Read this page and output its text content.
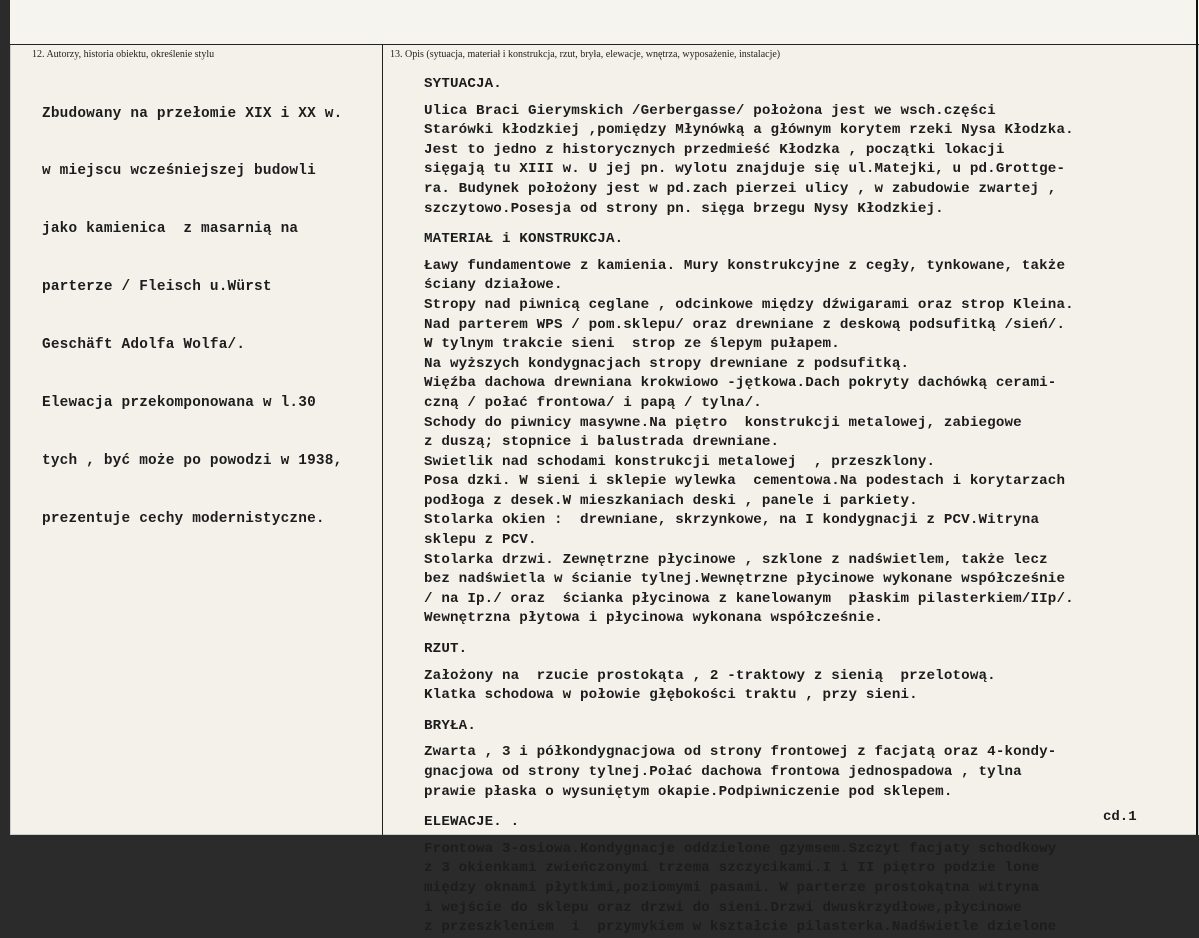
12. Autorzy, historia obiektu, określenie stylu	13. Opis (sytuacja, materiał i konstrukcja, rzut, bryła, elewacje, wnętrza, wyposażenie, instalacje)

Zbudowany na przełomie XIX i XX w.

w miejscu wcześniejszej budowli

jako kamienica  z masarnią na

parterze / Fleisch u.Würst

Geschäft Adolfa Wolfa/.

Elewacja przekomponowana w l.30

tych , być może po powodzi w 1938,

prezentuje cechy modernistyczne.

SYTUACJA.
Ulica Braci Gierymskich /Gerbergasse/ położona jest we wsch.części
Starówki kłodzkiej ,pomiędzy Młynówką a głównym korytem rzeki Nysa Kłodzka.
Jest to jedno z historycznych przedmieść Kłodzka , początki lokacji
sięgają tu XIII w. U jej pn. wylotu znajduje się ul.Matejki, u pd.Grottge-
ra. Budynek położony jest w pd.zach pierzei ulicy , w zabudowie zwartej ,
szczytowo.Posesja od strony pn. sięga brzegu Nysy Kłodzkiej.
MATERIAŁ i KONSTRUKCJA.
Ławy fundamentowe z kamienia. Mury konstrukcyjne z cegły, tynkowane, także
ściany działowe.
Stropy nad piwnicą ceglane , odcinkowe między dźwigarami oraz strop Kleina.
Nad parterem WPS / pom.sklepu/ oraz drewniane z deskową podsufitką /sień/.
W tylnym trakcie sieni  strop ze ślepym pułapem.
Na wyższych kondygnacjach stropy drewniane z podsufitką.
Więźba dachowa drewniana krokwiowo -jętkowa.Dach pokryty dachówką cerami-
czną / połać frontowa/ i papą / tylna/.
Schody do piwnicy masywne.Na piętro  konstrukcji metalowej, zabiegowe
z duszą; stopnice i balustrada drewniane.
Swietlik nad schodami konstrukcji metalowej  , przeszklony.
Posa dzki. W sieni i sklepie wylewka  cementowa.Na podestach i korytarzach
podłoga z desek.W mieszkaniach deski , panele i parkiety.
Stolarka okien :  drewniane, skrzynkowe, na I kondygnacji z PCV.Witryna
sklepu z PCV.
Stolarka drzwi. Zewnętrzne płycinowe , szklone z nadświetlem, także lecz
bez nadświetla w ścianie tylnej.Wewnętrzne płycinowe wykonane współcześnie
/ na Ip./ oraz  ścianka płycinowa z kanelowanym  płaskim pilasterkiem/IIp/.
Wewnętrzna płytowa i płycinowa wykonana współcześnie.
RZUT.
Założony na  rzucie prostokąta , 2 -traktowy z sienią  przelotową.
Klatka schodowa w połowie głębokości traktu , przy sieni.
BRYŁA.
Zwarta , 3 i półkondygnacjowa od strony frontowej z facjatą oraz 4-kondy-
gnacjowa od strony tylnej.Połać dachowa frontowa jednospadowa , tylna
prawie płaska o wysuniętym okapie.Podpiwniczenie pod sklepem.
ELEWACJE. .
Frontowa 3-osiowa.Kondygnacje oddzielone gzymsem.Szczyt facjaty schodkowy
z 3 okienkami zwieńczonymi trzema szczycikami.I i II piętro podzie lone
między oknami płytkimi,poziomymi pasami. W parterze prostokątna witryna
i wejście do sklepu oraz drzwi do sieni.Drzwi dwuskrzydłowe,płycinowe
z przeszkleniem  i  przymykiem w kształcie pilasterka.Nadświetle dzielone
cd.1
